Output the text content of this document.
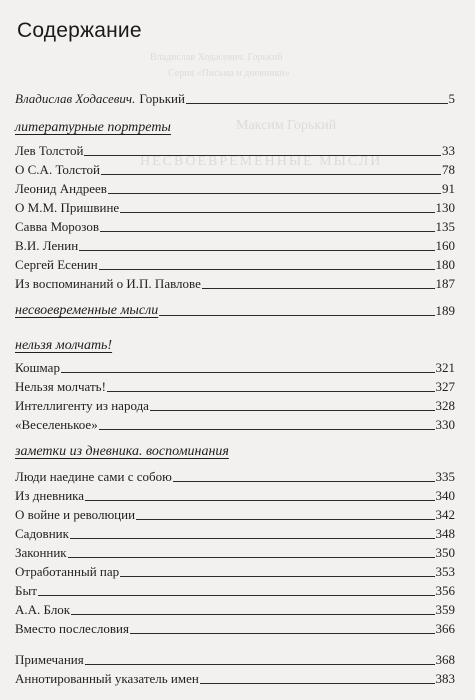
Содержание
Владислав Ходасевич. Горький
Серия «Письма и дневники»
Максим Горький
НЕСВОЕВРЕМЕННЫЕ МЫСЛИ
Владислав Ходасевич. Горький	5
литературные портреты
Лев Толстой	33
О С.А. Толстой	78
Леонид Андреев	91
О М.М. Пришвине	130
Савва Морозов	135
В.И. Ленин	160
Сергей Есенин	180
Из воспоминаний о И.П. Павлове	187
несвоевременные мысли	189
нельзя молчать!
Кошмар	321
Нельзя молчать!	327
Интеллигенту из народа	328
«Веселенькое»	330
заметки из дневника. воспоминания
Люди наедине сами с собою	335
Из дневника	340
О войне и революции	342
Садовник	348
Законник	350
Отработанный пар	353
Быт	356
А.А. Блок	359
Вместо послесловия	366
Примечания	368
Аннотированный указатель имен	383
